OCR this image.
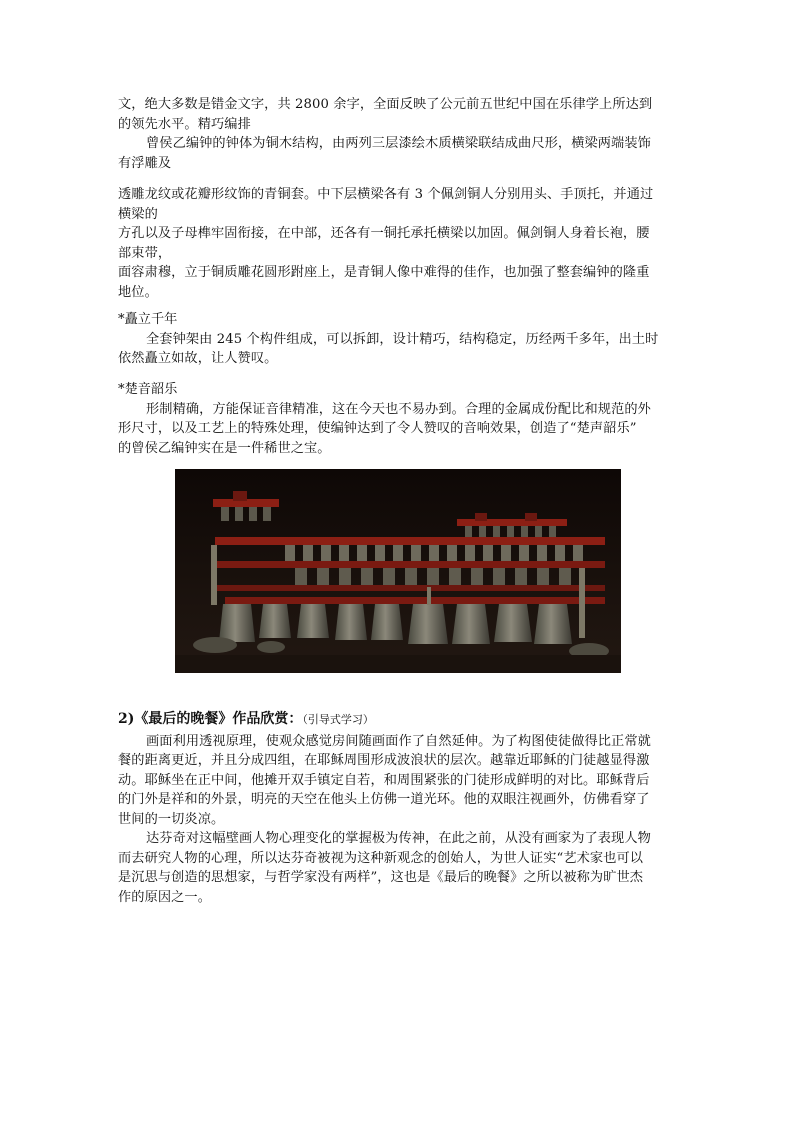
文，绝大多数是错金文字，共 2800 余字，全面反映了公元前五世纪中国在乐律学上所达到
的领先水平。精巧编排
曾侯乙编钟的钟体为铜木结构，由两列三层漆绘木质横梁联结成曲尺形，横梁两端装饰
有浮雕及
透雕龙纹或花瓣形纹饰的青铜套。中下层横梁各有 3 个佩剑铜人分别用头、手顶托，并通过
横梁的
方孔以及子母榫牢固衔接，在中部，还各有一铜托承托横梁以加固。佩剑铜人身着长袍，腰
部束带，
面容肃穆，立于铜质雕花圆形跗座上，是青铜人像中难得的佳作，也加强了整套编钟的隆重
地位。
*矗立千年
全套钟架由 245 个构件组成，可以拆卸，设计精巧，结构稳定，历经两千多年，出土时
依然矗立如故，让人赞叹。
*楚音韶乐
形制精确，方能保证音律精准，这在今天也不易办到。合理的金属成份配比和规范的外
形尺寸，以及工艺上的特殊处理，使编钟达到了令人赞叹的音响效果，创造了“楚声韶乐”
的曾侯乙编钟实在是一件稀世之宝。
2)《最后的晚餐》作品欣赏：（引导式学习）
画面利用透视原理，使观众感觉房间随画面作了自然延伸。为了构图使徒做得比正常就
餐的距离更近，并且分成四组，在耶稣周围形成波浪状的层次。越靠近耶稣的门徒越显得激
动。耶稣坐在正中间，他摊开双手镇定自若，和周围紧张的门徒形成鲜明的对比。耶稣背后
的门外是祥和的外景，明亮的天空在他头上仿佛一道光环。他的双眼注视画外，仿佛看穿了
世间的一切炎凉。
达芬奇对这幅壁画人物心理变化的掌握极为传神，在此之前，从没有画家为了表现人物
而去研究人物的心理，所以达芬奇被视为这种新观念的创始人，为世人证实“艺术家也可以
是沉思与创造的思想家，与哲学家没有两样”，这也是《最后的晚餐》之所以被称为旷世杰
作的原因之一。
